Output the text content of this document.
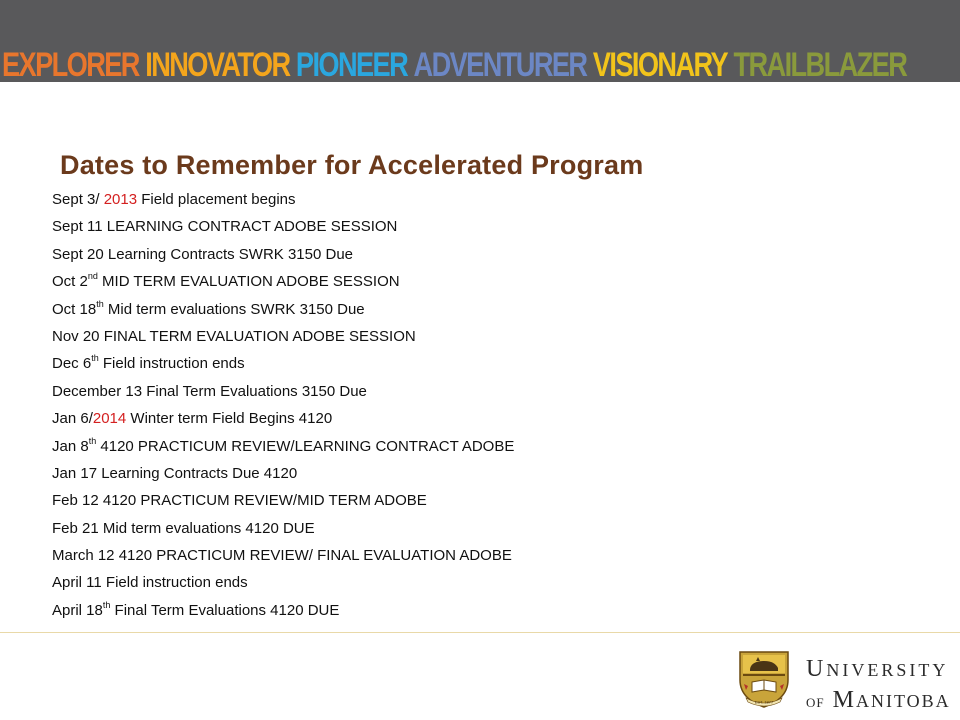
EXPLORER INNOVATOR PIONEER ADVENTURER VISIONARY TRAILBLAZER
Dates to Remember for Accelerated Program
Sept 3/ 2013 Field placement begins
Sept 11 LEARNING CONTRACT ADOBE SESSION
Sept 20 Learning Contracts SWRK 3150 Due
Oct 2nd MID TERM EVALUATION ADOBE SESSION
Oct 18th Mid term evaluations SWRK 3150 Due
Nov 20 FINAL TERM EVALUATION ADOBE SESSION
Dec 6th Field instruction ends
December 13 Final Term Evaluations 3150 Due
Jan 6/2014 Winter term Field Begins 4120
Jan 8th 4120 PRACTICUM REVIEW/LEARNING CONTRACT ADOBE
Jan 17 Learning Contracts Due 4120
Feb 12 4120 PRACTICUM REVIEW/MID TERM ADOBE
Feb 21 Mid term evaluations 4120 DUE
March 12 4120 PRACTICUM REVIEW/ FINAL EVALUATION ADOBE
April 11 Field instruction ends
April 18th Final Term Evaluations 4120 DUE
EST. 1877
UNIVERSITY
OF MANITOBA
